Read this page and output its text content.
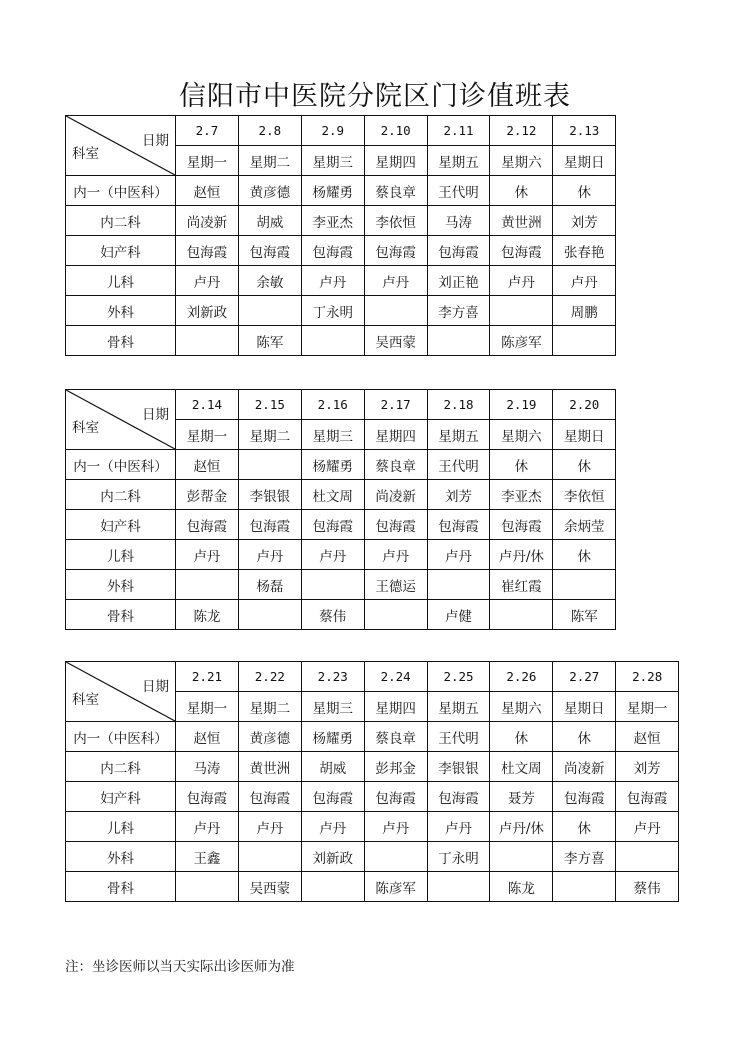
信阳市中医院分院区门诊值班表
科室
日期	2.7	2.8	2.9	2.10	2.11	2.12	2.13
	星期一	星期二	星期三	星期四	星期五	星期六	星期日
内一（中医科）	赵恒	黄彦德	杨耀勇	蔡良章	王代明	休	休
内二科	尚凌新	胡威	李亚杰	李依恒	马涛	黄世洲	刘芳
妇产科	包海霞	包海霞	包海霞	包海霞	包海霞	包海霞	张春艳
儿科	卢丹	余敏	卢丹	卢丹	刘正艳	卢丹	卢丹
外科	刘新政		丁永明		李方喜		周鹏
骨科		陈军		吴西蒙		陈彦军	
科室
日期	2.14	2.15	2.16	2.17	2.18	2.19	2.20
	星期一	星期二	星期三	星期四	星期五	星期六	星期日
内一（中医科）	赵恒		杨耀勇	蔡良章	王代明	休	休
内二科	彭帮金	李银银	杜文周	尚凌新	刘芳	李亚杰	李依恒
妇产科	包海霞	包海霞	包海霞	包海霞	包海霞	包海霞	余炳莹
儿科	卢丹	卢丹	卢丹	卢丹	卢丹	卢丹/休	休
外科		杨磊		王德运		崔红霞	
骨科	陈龙		蔡伟		卢健		陈军
科室
日期	2.21	2.22	2.23	2.24	2.25	2.26	2.27	2.28
	星期一	星期二	星期三	星期四	星期五	星期六	星期日	星期一
内一（中医科）	赵恒	黄彦德	杨耀勇	蔡良章	王代明	休	休	赵恒
内二科	马涛	黄世洲	胡威	彭邦金	李银银	杜文周	尚凌新	刘芳
妇产科	包海霞	包海霞	包海霞	包海霞	包海霞	聂芳	包海霞	包海霞
儿科	卢丹	卢丹	卢丹	卢丹	卢丹	卢丹/休	休	卢丹
外科	王鑫		刘新政		丁永明		李方喜	
骨科		吴西蒙		陈彦军		陈龙		蔡伟
注：坐诊医师以当天实际出诊医师为准
